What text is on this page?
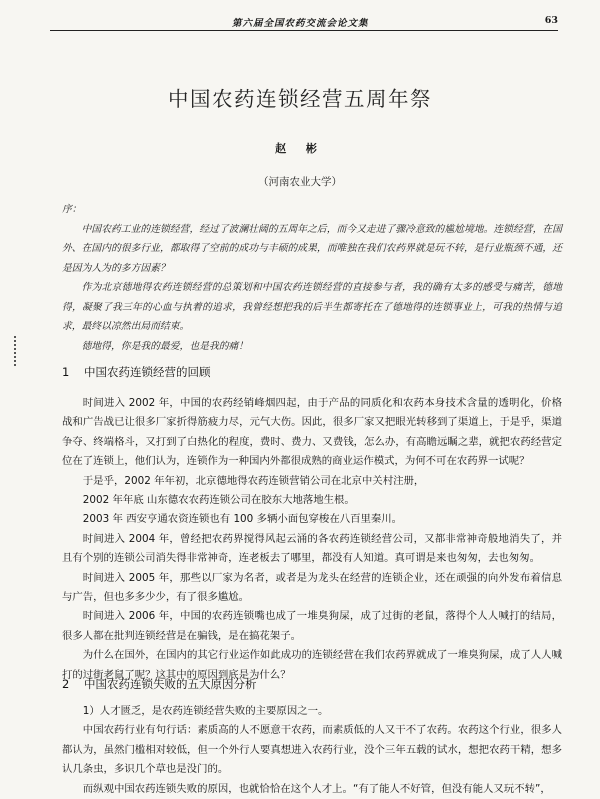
第六届全国农药交流会论文集	63
中国农药连锁经营五周年祭
赵 彬
（河南农业大学）

序：

中国农药工业的连锁经营，经过了波澜壮阔的五周年之后，而今又走进了骤冷意致的尴尬境地。连锁经营，在国外、在国内的很多行业，都取得了空前的成功与丰硕的成果，而唯独在我们农药界就是玩不转，是行业瓶颈不通，还是因为人为的多方因素？

作为北京德地得农药连锁经营的总策划和中国农药连锁经营的直接参与者，我的确有太多的感受与痛苦，德地得，凝聚了我三年的心血与执着的追求，我曾经想把我的后半生都寄托在了德地得的连锁事业上，可我的热情与追求，最终以凉然出局而结束。

德地得，你是我的最爱，也是我的痛！

1 中国农药连锁经营的回顾

时间进入 2002 年，中国的农药经销峰烟四起，由于产品的同质化和农药本身技术含量的透明化，价格战和广告战已让很多厂家折得筋疲力尽，元气大伤。因此，很多厂家又把眼光转移到了渠道上，于是乎，渠道争夺、终端格斗，又打到了白热化的程度，费时、费力、又费钱，怎么办，有高瞻远瞩之辈，就把农药经营定位在了连锁上，他们认为，连锁作为一种国内外都很成熟的商业运作模式，为何不可在农药界一试呢？

于是乎，2002 年年初，北京德地得农药连锁营销公司在北京中关村注册，

2002 年年底 山东德农农药连锁公司在胶东大地落地生根。

2003 年 西安亨通农资连锁也有 100 多辆小面包穿梭在八百里秦川。

时间进入 2004 年，曾经把农药界搅得风起云涌的各农药连锁经营公司，又都非常神奇般地消失了，并且有个别的连锁公司消失得非常神奇，连老板去了哪里，都没有人知道。真可谓是来也匆匆，去也匆匆。

时间进入 2005 年，那些以厂家为名者，或者是为龙头在经营的连锁企业，还在顽强的向外发布着信息与广告，但也多多少少，有了很多尴尬。

时间进入 2006 年，中国的农药连锁嘴也成了一堆臭狗屎，成了过街的老鼠，落得个人人喊打的结局，很多人都在批判连锁经营是在骗钱，是在搞花架子。

为什么在国外，在国内的其它行业运作如此成功的连锁经营在我们农药界就成了一堆臭狗屎，成了人人喊打的过街老鼠了呢？这其中的原因到底是为什么？

2 中国农药连锁失败的五大原因分析

1）人才匮乏，是农药连锁经营失败的主要原因之一。

中国农药行业有句行话：素质高的人不愿意干农药，而素质低的人又干不了农药。农药这个行业，很多人都认为，虽然门槛相对较低，但一个外行人要真想进入农药行业，没个三年五载的试水，想把农药干精，想多认几条虫，多识几个草也是没门的。

而纵观中国农药连锁失败的原因，也就恰恰在这个人才上。“有了能人不好管，但没有能人又玩不转”，
